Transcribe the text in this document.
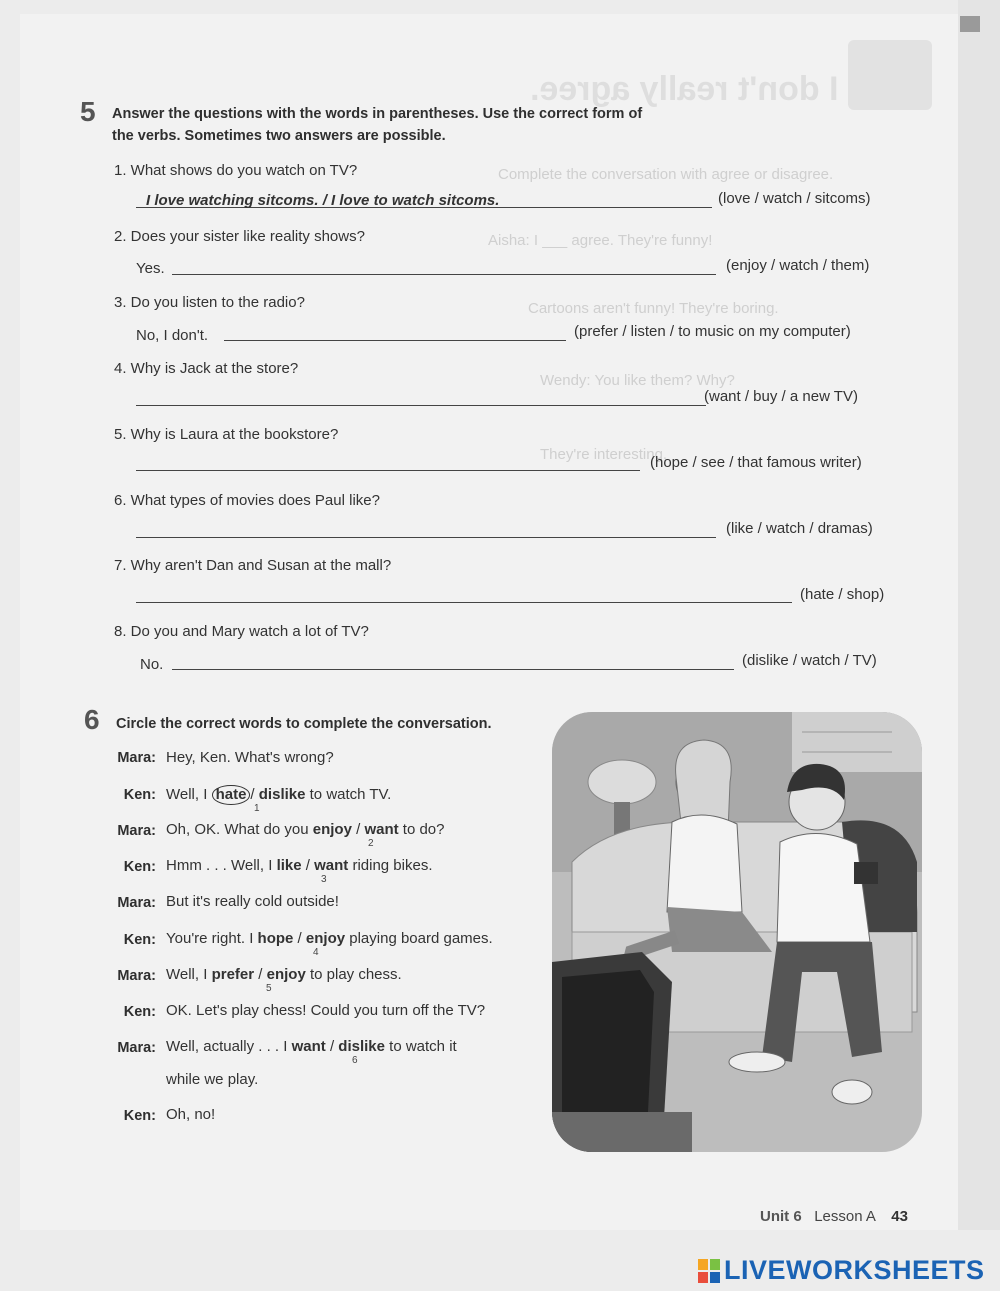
I don't really agree.
Complete the conversation with agree or disagree.
Aisha: I ___ agree. They're funny!
Cartoons aren't funny! They're boring.
Wendy: You like them? Why?
They're interesting.
5 Answer the questions with the words in parentheses. Use the correct form of
the verbs. Sometimes two answers are possible.
1. What shows do you watch on TV?
I love watching sitcoms. / I love to watch sitcoms.	(love / watch / sitcoms)
2. Does your sister like reality shows?
Yes.	(enjoy / watch / them)
3. Do you listen to the radio?
No, I don't.	(prefer / listen / to music on my computer)
4. Why is Jack at the store?
(want / buy / a new TV)
5. Why is Laura at the bookstore?
(hope / see / that famous writer)
6. What types of movies does Paul like?
(like / watch / dramas)
7. Why aren't Dan and Susan at the mall?
(hate / shop)
8. Do you and Mary watch a lot of TV?
No.	(dislike / watch / TV)
6 Circle the correct words to complete the conversation.
Mara: Hey, Ken. What's wrong?
Ken: Well, I hate / dislike to watch TV.
1
Mara: Oh, OK. What do you enjoy / want to do?
2
Ken: Hmm . . . Well, I like / want riding bikes.
3
Mara: But it's really cold outside!
Ken: You're right. I hope / enjoy playing board games.
4
Mara: Well, I prefer / enjoy to play chess.
5
Ken: OK. Let's play chess! Could you turn off the TV?
Mara: Well, actually . . . I want / dislike to watch it
6
while we play.
Ken: Oh, no!
Unit 6 Lesson A 43
LIVEWORKSHEETS
